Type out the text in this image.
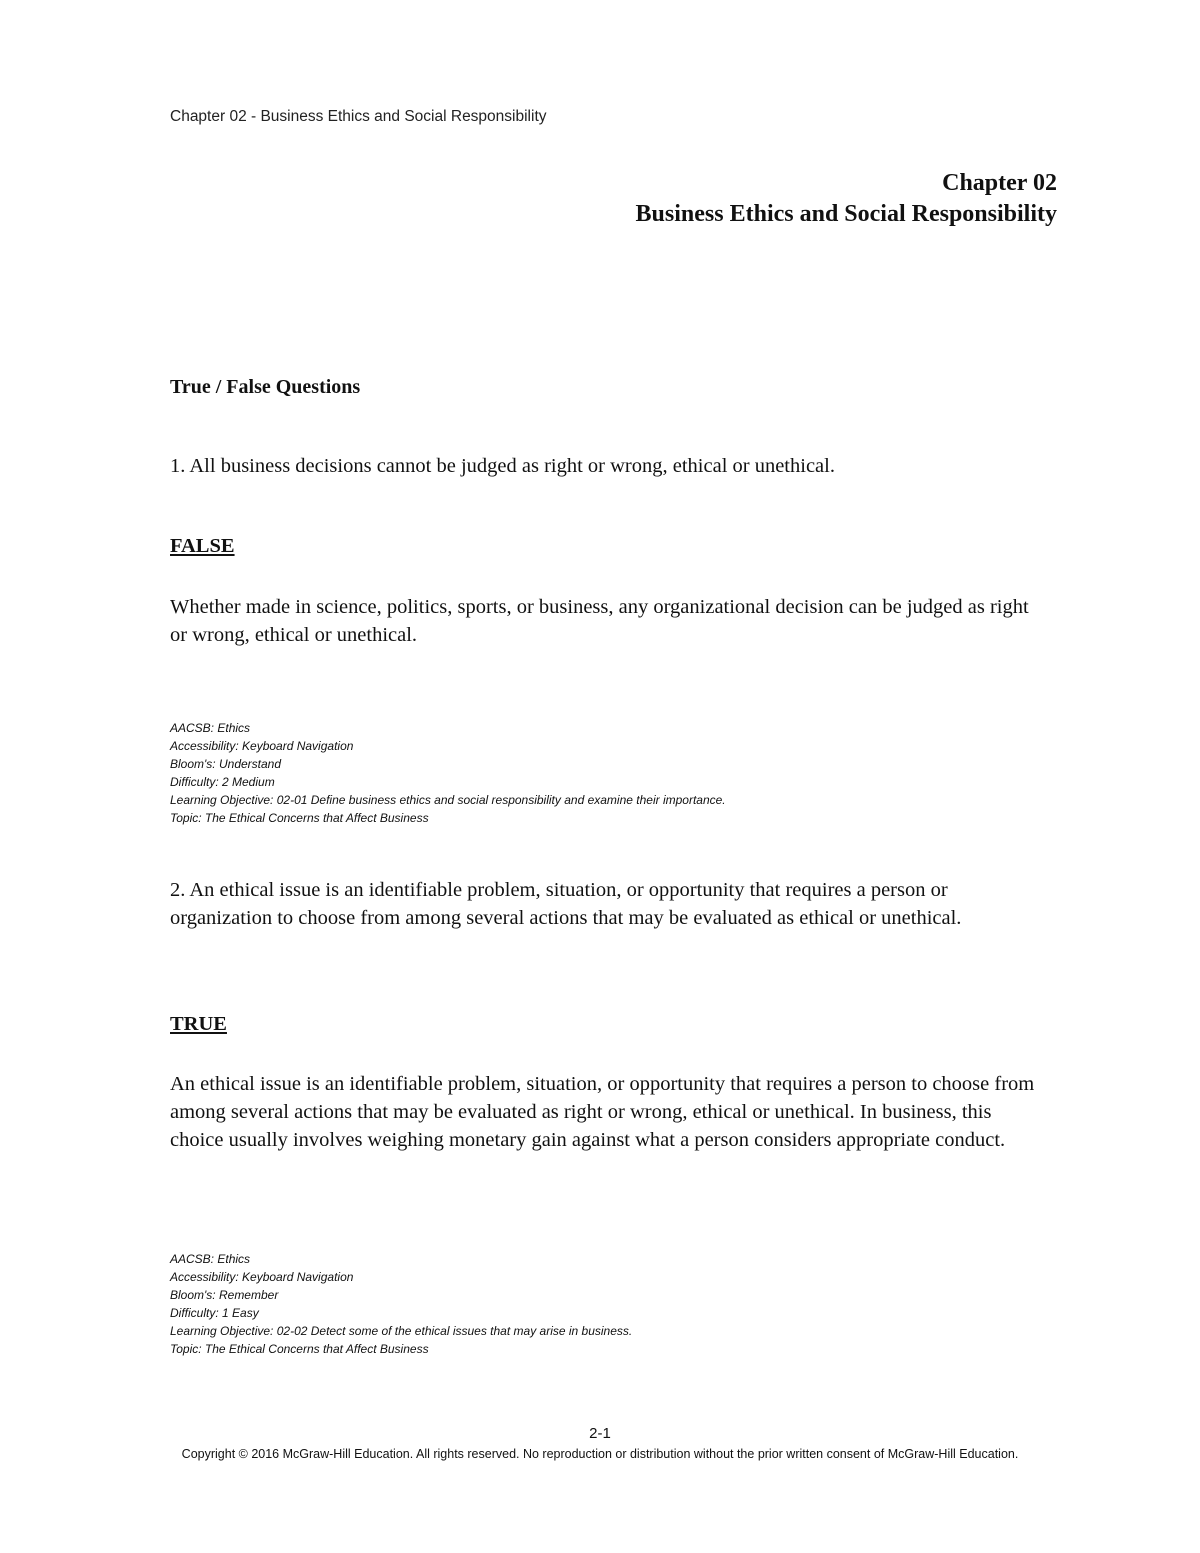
Chapter 02 - Business Ethics and Social Responsibility
Chapter 02
Business Ethics and Social Responsibility
True / False Questions
1. All business decisions cannot be judged as right or wrong, ethical or unethical.
FALSE
Whether made in science, politics, sports, or business, any organizational decision can be judged as right or wrong, ethical or unethical.
AACSB: Ethics
Accessibility: Keyboard Navigation
Bloom's: Understand
Difficulty: 2 Medium
Learning Objective: 02-01 Define business ethics and social responsibility and examine their importance.
Topic: The Ethical Concerns that Affect Business
2. An ethical issue is an identifiable problem, situation, or opportunity that requires a person or organization to choose from among several actions that may be evaluated as ethical or unethical.
TRUE
An ethical issue is an identifiable problem, situation, or opportunity that requires a person to choose from among several actions that may be evaluated as right or wrong, ethical or unethical. In business, this choice usually involves weighing monetary gain against what a person considers appropriate conduct.
AACSB: Ethics
Accessibility: Keyboard Navigation
Bloom's: Remember
Difficulty: 1 Easy
Learning Objective: 02-02 Detect some of the ethical issues that may arise in business.
Topic: The Ethical Concerns that Affect Business
2-1
Copyright © 2016 McGraw-Hill Education. All rights reserved. No reproduction or distribution without the prior written consent of McGraw-Hill Education.
